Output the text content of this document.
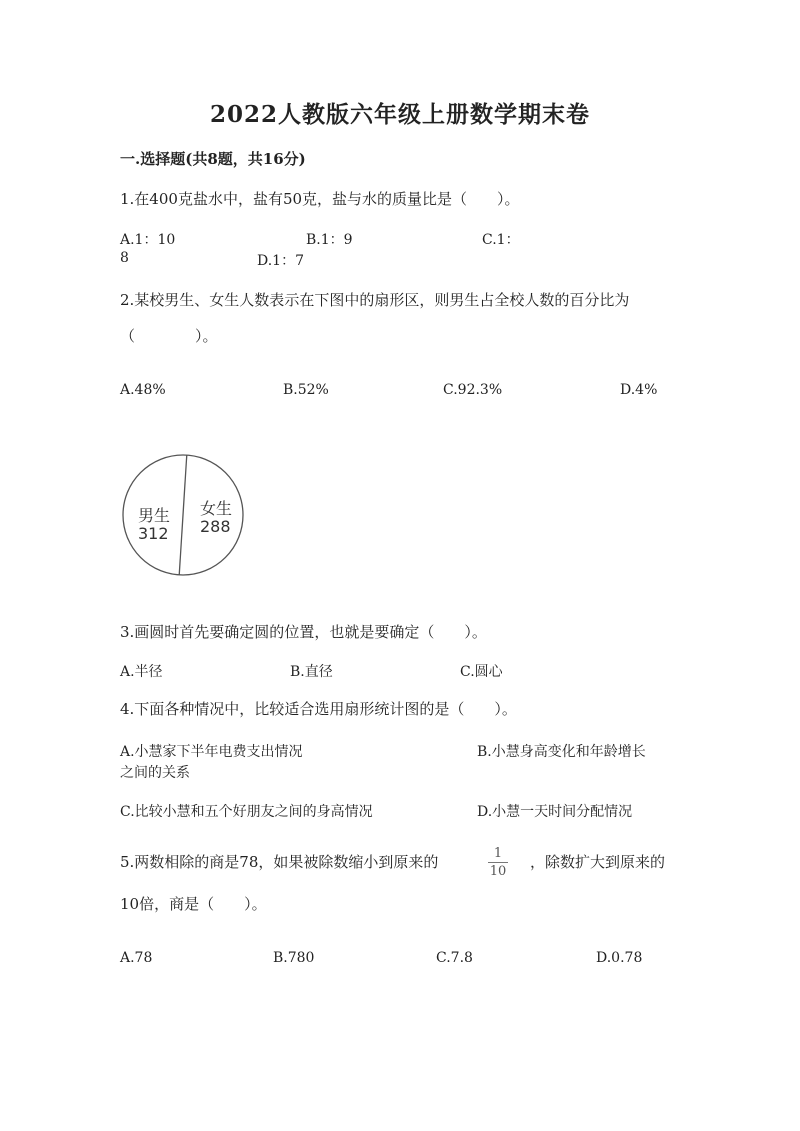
2022人教版六年级上册数学期末卷
一.选择题(共8题，共16分)
1.在400克盐水中，盐有50克，盐与水的质量比是（　　）。
A.1：10	B.1：9	C.1：
8	D.1：7
2.某校男生、女生人数表示在下图中的扇形区，则男生占全校人数的百分比为
（　　　　）。
A.48%	B.52%	C.92.3%	D.4%
男生
312
女生
288
3.画圆时首先要确定圆的位置，也就是要确定（　　）。
A.半径	B.直径	C.圆心
4.下面各种情况中，比较适合选用扇形统计图的是（　　）。
A.小慧家下半年电费支出情况	B.小慧身高变化和年龄增长
之间的关系
C.比较小慧和五个好朋友之间的身高情况	D.小慧一天时间分配情况
5.两数相除的商是78，如果被除数缩小到原来的	1
10
，除数扩大到原来的
10倍，商是（　　）。
A.78	B.780	C.7.8	D.0.78
